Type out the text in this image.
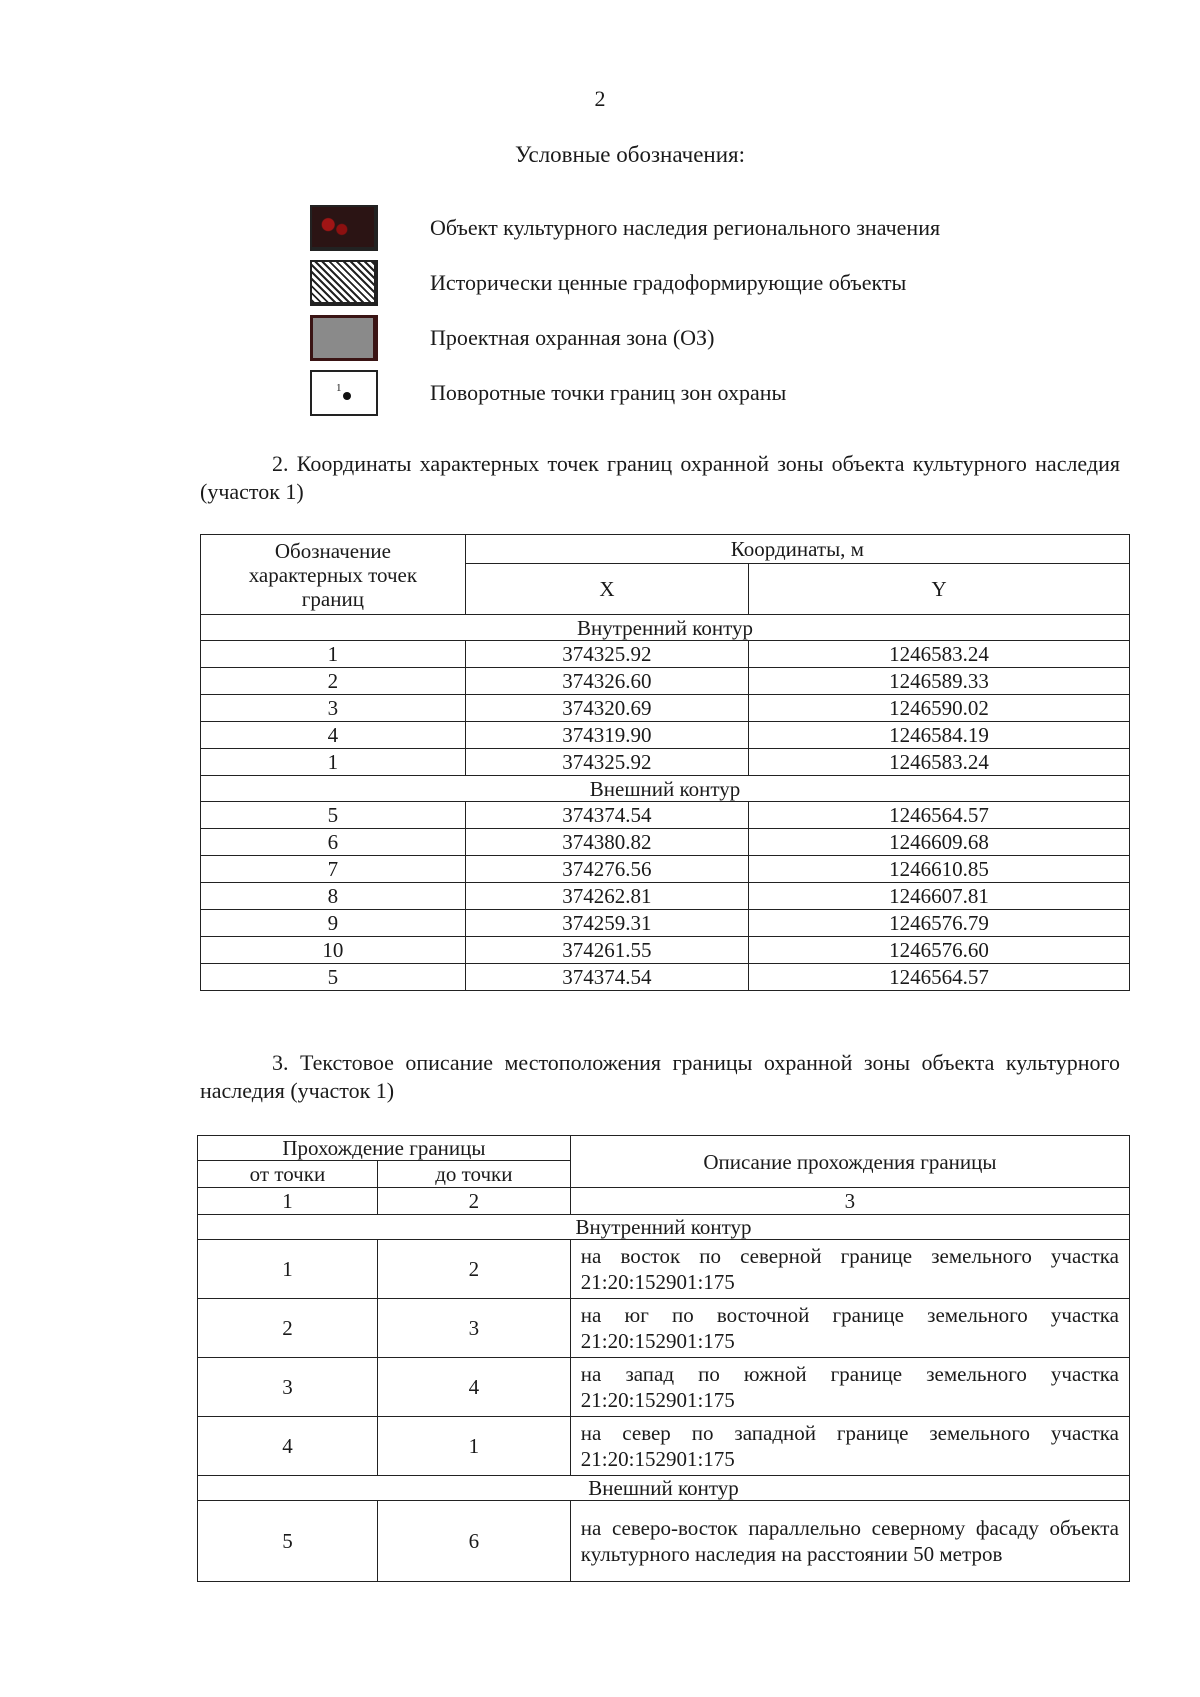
2
Условные обозначения:
Объект культурного наследия регионального значения
Исторически ценные градоформирующие объекты
Проектная охранная зона (ОЗ)
1	Поворотные точки границ зон охраны
2. Координаты характерных точек границ охранной зоны объекта культурного наследия (участок 1)
Обозначение характерных точек границ	Координаты, м	
	X	Y
Внутренний контур		
1	374325.92	1246583.24
2	374326.60	1246589.33
3	374320.69	1246590.02
4	374319.90	1246584.19
1	374325.92	1246583.24
Внешний контур		
5	374374.54	1246564.57
6	374380.82	1246609.68
7	374276.56	1246610.85
8	374262.81	1246607.81
9	374259.31	1246576.79
10	374261.55	1246576.60
5	374374.54	1246564.57
3. Текстовое описание местоположения границы охранной зоны объекта культурного наследия (участок 1)
Прохождение границы		Описание прохождения границы
от точки	до точки	
1	2	3
Внутренний контур		
1	2	на восток по северной границе земельного участка 21:20:152901:175
2	3	на юг по восточной границе земельного участка 21:20:152901:175
3	4	на запад по южной границе земельного участка 21:20:152901:175
4	1	на север по западной границе земельного участка 21:20:152901:175
Внешний контур		
5	6	на северо-восток параллельно северному фасаду объекта культурного наследия на расстоянии 50 метров
